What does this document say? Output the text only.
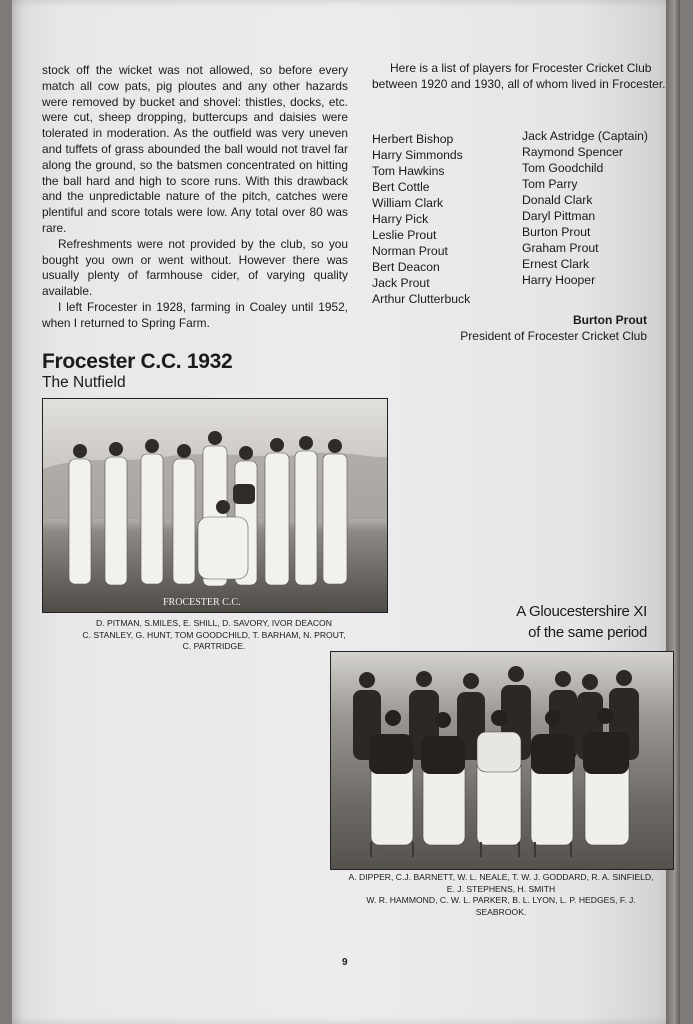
stock off the wicket was not allowed, so before every match all cow pats, pig ploutes and any other hazards were removed by bucket and shovel: thistles, docks, etc. were cut, sheep dropping, buttercups and daisies were tolerated in moderation. As the outfield was very uneven and tuffets of grass abounded the ball would not travel far along the ground, so the batsmen concentrated on hitting the ball hard and high to score runs. With this drawback and the unpredictable nature of the pitch, catches were plentiful and score totals were low. Any total over 80 was rare.

Refreshments were not provided by the club, so you bought you own or went without. However there was usually plenty of farmhouse cider, of varying quality available.

I left Frocester in 1928, farming in Coaley until 1952, when I returned to Spring Farm.

Here is a list of players for Frocester Cricket Club between 1920 and 1930, all of whom lived in Frocester.
Herbert Bishop
Harry Simmonds
Tom Hawkins
Bert Cottle
William Clark
Harry Pick
Leslie Prout
Norman Prout
Bert Deacon
Jack Prout
Arthur Clutterbuck
Jack Astridge (Captain)
Raymond Spencer
Tom Goodchild
Tom Parry
Donald Clark
Daryl Pittman
Burton Prout
Graham Prout
Ernest Clark
Harry Hooper
Burton Prout
President of Frocester Cricket Club
Frocester C.C. 1932
The Nutfield
FROCESTER C.C.
D. PITMAN, S.MILES, E. SHILL, D. SAVORY, IVOR DEACON
C. STANLEY, G. HUNT, TOM GOODCHILD, T. BARHAM, N. PROUT,
C. PARTRIDGE.
A Gloucestershire XI
of the same period
A. DIPPER, C.J. BARNETT, W. L. NEALE, T. W. J. GODDARD, R. A. SINFIELD,
E. J. STEPHENS, H. SMITH
W. R. HAMMOND, C. W. L. PARKER, B. L. LYON, L. P. HEDGES, F. J.
SEABROOK.
9
